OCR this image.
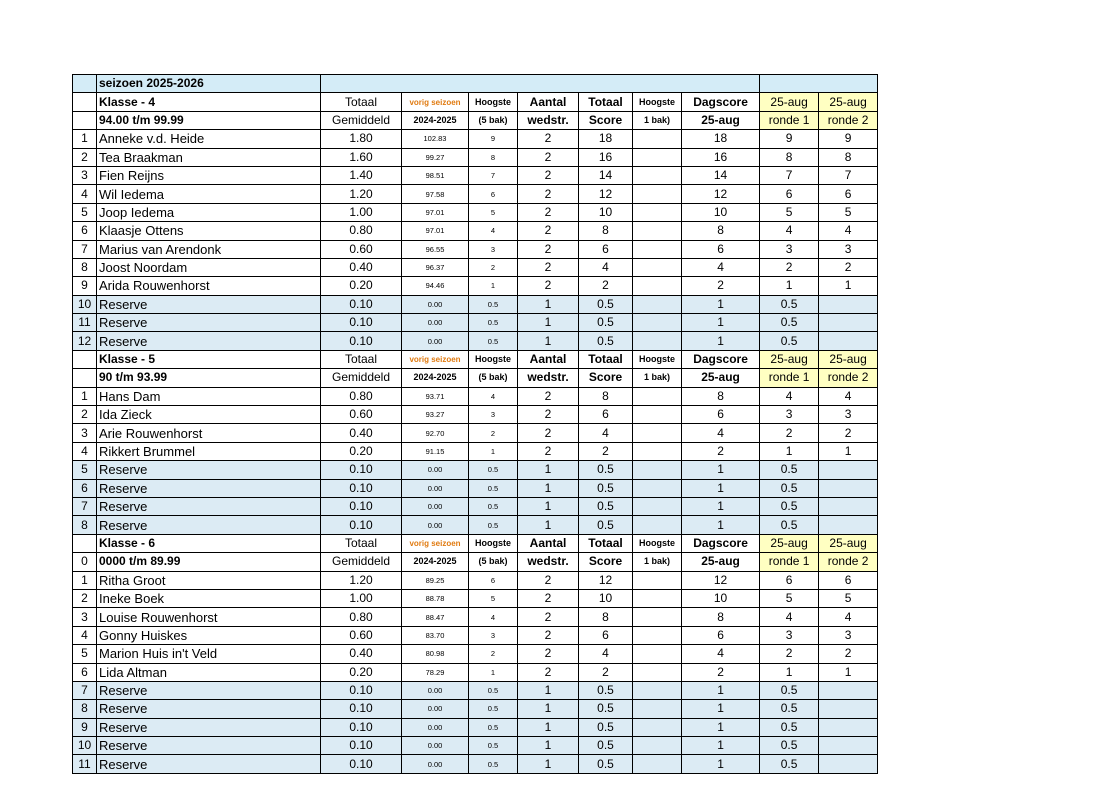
	seizoen 2025-2026									
	Klasse - 4	Totaal	vorig seizoen	Hoogste	Aantal	Totaal	Hoogste	Dagscore	25-aug	25-aug
	94.00 t/m 99.99	Gemiddeld	2024-2025	(5 bak)	wedstr.	Score	1 bak)	25-aug	ronde 1	ronde 2
1	Anneke v.d. Heide	1.80	102.83	9	2	18		18	9	9
2	Tea Braakman	1.60	99.27	8	2	16		16	8	8
3	Fien Reijns	1.40	98.51	7	2	14		14	7	7
4	Wil Iedema	1.20	97.58	6	2	12		12	6	6
5	Joop Iedema	1.00	97.01	5	2	10		10	5	5
6	Klaasje Ottens	0.80	97.01	4	2	8		8	4	4
7	Marius van Arendonk	0.60	96.55	3	2	6		6	3	3
8	Joost Noordam	0.40	96.37	2	2	4		4	2	2
9	Arida Rouwenhorst	0.20	94.46	1	2	2		2	1	1
10	Reserve	0.10	0.00	0.5	1	0.5		1	0.5	
11	Reserve	0.10	0.00	0.5	1	0.5		1	0.5	
12	Reserve	0.10	0.00	0.5	1	0.5		1	0.5	
	Klasse - 5	Totaal	vorig seizoen	Hoogste	Aantal	Totaal	Hoogste	Dagscore	25-aug	25-aug
	90 t/m 93.99	Gemiddeld	2024-2025	(5 bak)	wedstr.	Score	1 bak)	25-aug	ronde 1	ronde 2
1	Hans Dam	0.80	93.71	4	2	8		8	4	4
2	Ida Zieck	0.60	93.27	3	2	6		6	3	3
3	Arie Rouwenhorst	0.40	92.70	2	2	4		4	2	2
4	Rikkert Brummel	0.20	91.15	1	2	2		2	1	1
5	Reserve	0.10	0.00	0.5	1	0.5		1	0.5	
6	Reserve	0.10	0.00	0.5	1	0.5		1	0.5	
7	Reserve	0.10	0.00	0.5	1	0.5		1	0.5	
8	Reserve	0.10	0.00	0.5	1	0.5		1	0.5	
	Klasse - 6	Totaal	vorig seizoen	Hoogste	Aantal	Totaal	Hoogste	Dagscore	25-aug	25-aug
0	0000 t/m 89.99	Gemiddeld	2024-2025	(5 bak)	wedstr.	Score	1 bak)	25-aug	ronde 1	ronde 2
1	Ritha Groot	1.20	89.25	6	2	12		12	6	6
2	Ineke Boek	1.00	88.78	5	2	10		10	5	5
3	Louise Rouwenhorst	0.80	88.47	4	2	8		8	4	4
4	Gonny Huiskes	0.60	83.70	3	2	6		6	3	3
5	Marion Huis in't Veld	0.40	80.98	2	2	4		4	2	2
6	Lida Altman	0.20	78.29	1	2	2		2	1	1
7	Reserve	0.10	0.00	0.5	1	0.5		1	0.5	
8	Reserve	0.10	0.00	0.5	1	0.5		1	0.5	
9	Reserve	0.10	0.00	0.5	1	0.5		1	0.5	
10	Reserve	0.10	0.00	0.5	1	0.5		1	0.5	
11	Reserve	0.10	0.00	0.5	1	0.5		1	0.5	
